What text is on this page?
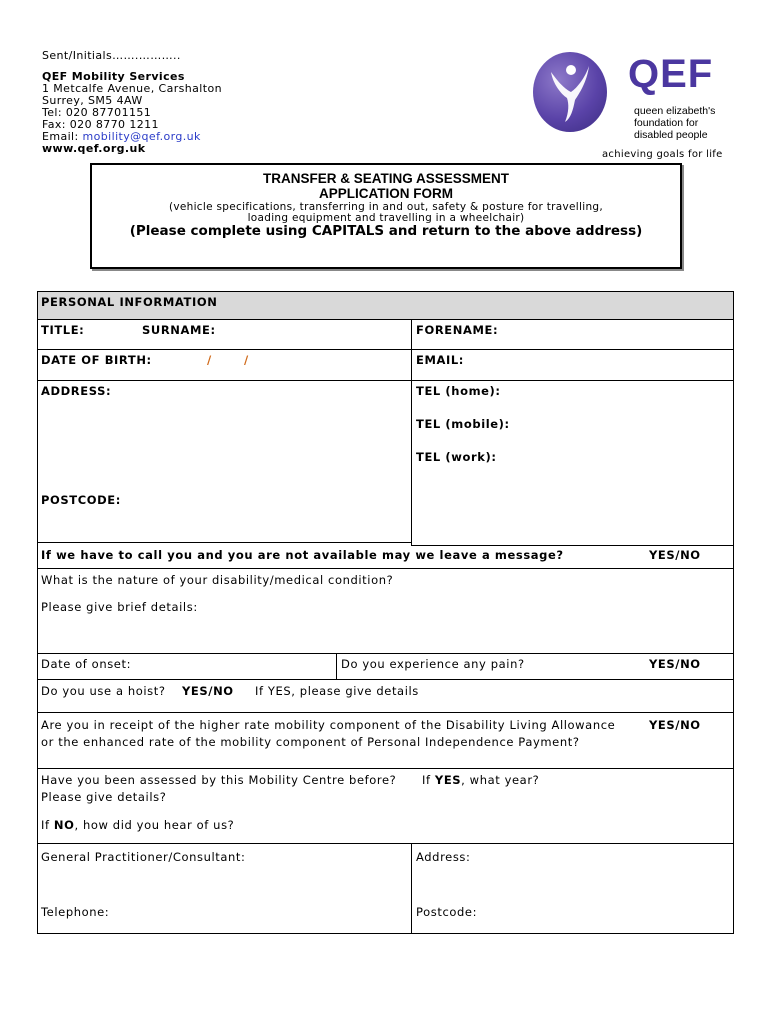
Sent/Initials…….………..
QEF Mobility Services
1 Metcalfe Avenue, Carshalton
Surrey, SM5 4AW
Tel: 020 87701151
Fax: 020 8770 1211
Email: mobility@qef.org.uk
www.qef.org.uk
QEF
queen elizabeth's
foundation for
disabled people
achieving goals for life
TRANSFER & SEATING ASSESSMENT
APPLICATION FORM
(vehicle specifications, transferring in and out, safety & posture for travelling,
loading equipment and travelling in a wheelchair)
(Please complete using CAPITALS and return to the above address)
PERSONAL INFORMATION
TITLE:	SURNAME:	FORENAME:
DATE OF BIRTH:	/	/	EMAIL:
ADDRESS:	TEL (home):
TEL (mobile):
TEL (work):
POSTCODE:
If we have to call you and you are not available may we leave a message?	YES/NO
What is the nature of your disability/medical condition?
Please give brief details:
Date of onset:	Do you experience any pain?	YES/NO
Do you use a hoist? YES/NO If YES, please give details
Are you in receipt of the higher rate mobility component of the Disability Living Allowance
or the enhanced rate of the mobility component of Personal Independence Payment?
YES/NO
Have you been assessed by this Mobility Centre before?
Please give details?
If YES, what year?
If NO, how did you hear of us?
General Practitioner/Consultant:	Address:
Telephone:	Postcode:
